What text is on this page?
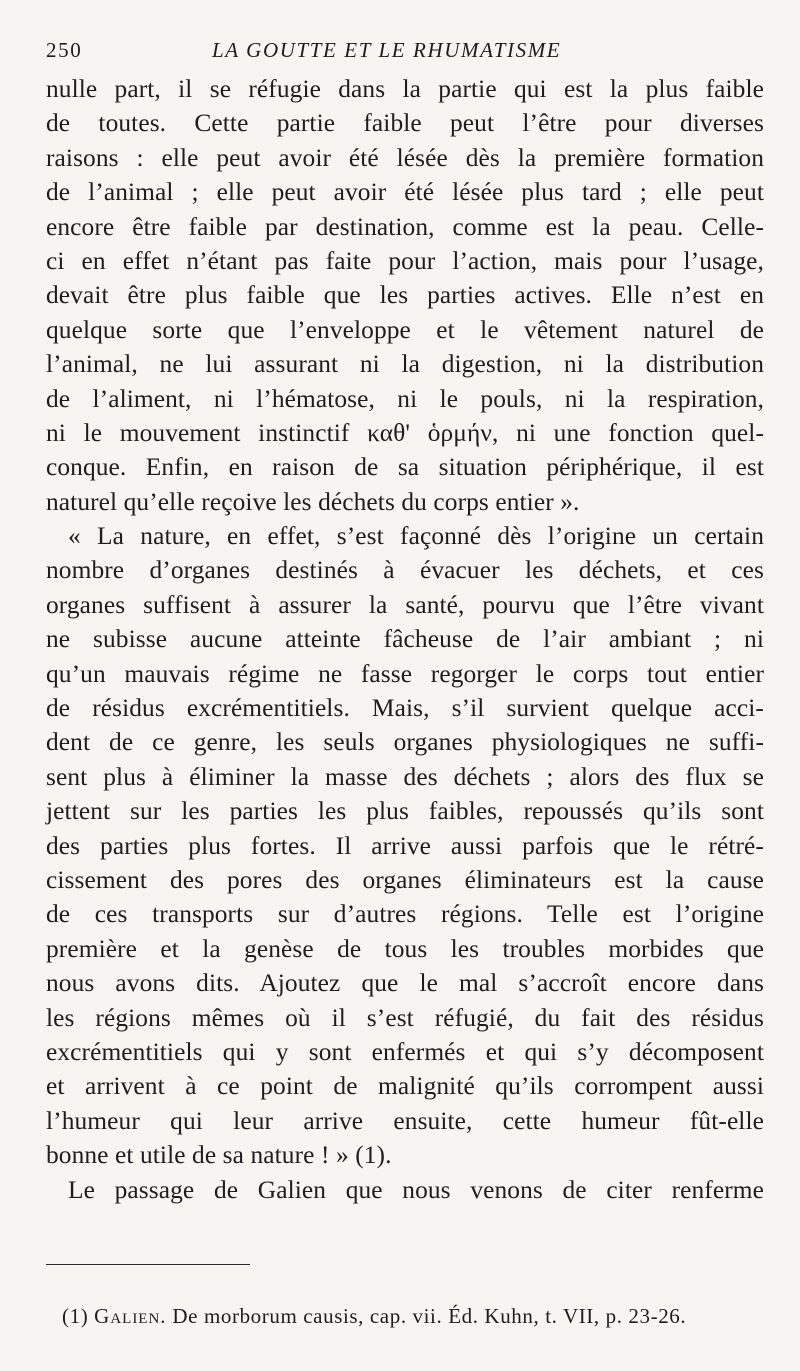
250	LA GOUTTE ET LE RHUMATISME
nulle part, il se réfugie dans la partie qui est la plus faible
de toutes. Cette partie faible peut l’être pour diverses
raisons : elle peut avoir été lésée dès la première formation
de l’animal ; elle peut avoir été lésée plus tard ; elle peut
encore être faible par destination, comme est la peau. Celle-
ci en effet n’étant pas faite pour l’action, mais pour l’usage,
devait être plus faible que les parties actives. Elle n’est en
quelque sorte que l’enveloppe et le vêtement naturel de
l’animal, ne lui assurant ni la digestion, ni la distribution
de l’aliment, ni l’hématose, ni le pouls, ni la respiration,
ni le mouvement instinctif καθ' ὁρμήν, ni une fonction quel-
conque. Enfin, en raison de sa situation périphérique, il est
naturel qu’elle reçoive les déchets du corps entier ».
« La nature, en effet, s’est façonné dès l’origine un certain
nombre d’organes destinés à évacuer les déchets, et ces
organes suffisent à assurer la santé, pourvu que l’être vivant
ne subisse aucune atteinte fâcheuse de l’air ambiant ; ni
qu’un mauvais régime ne fasse regorger le corps tout entier
de résidus excrémentitiels. Mais, s’il survient quelque acci-
dent de ce genre, les seuls organes physiologiques ne suffi-
sent plus à éliminer la masse des déchets ; alors des flux se
jettent sur les parties les plus faibles, repoussés qu’ils sont
des parties plus fortes. Il arrive aussi parfois que le rétré-
cissement des pores des organes éliminateurs est la cause
de ces transports sur d’autres régions. Telle est l’origine
première et la genèse de tous les troubles morbides que
nous avons dits. Ajoutez que le mal s’accroît encore dans
les régions mêmes où il s’est réfugié, du fait des résidus
excrémentitiels qui y sont enfermés et qui s’y décomposent
et arrivent à ce point de malignité qu’ils corrompent aussi
l’humeur qui leur arrive ensuite, cette humeur fût-elle
bonne et utile de sa nature ! » (1).
Le passage de Galien que nous venons de citer renferme
(1) Galien. De morborum causis, cap. vii. Éd. Kuhn, t. VII, p. 23-26.
